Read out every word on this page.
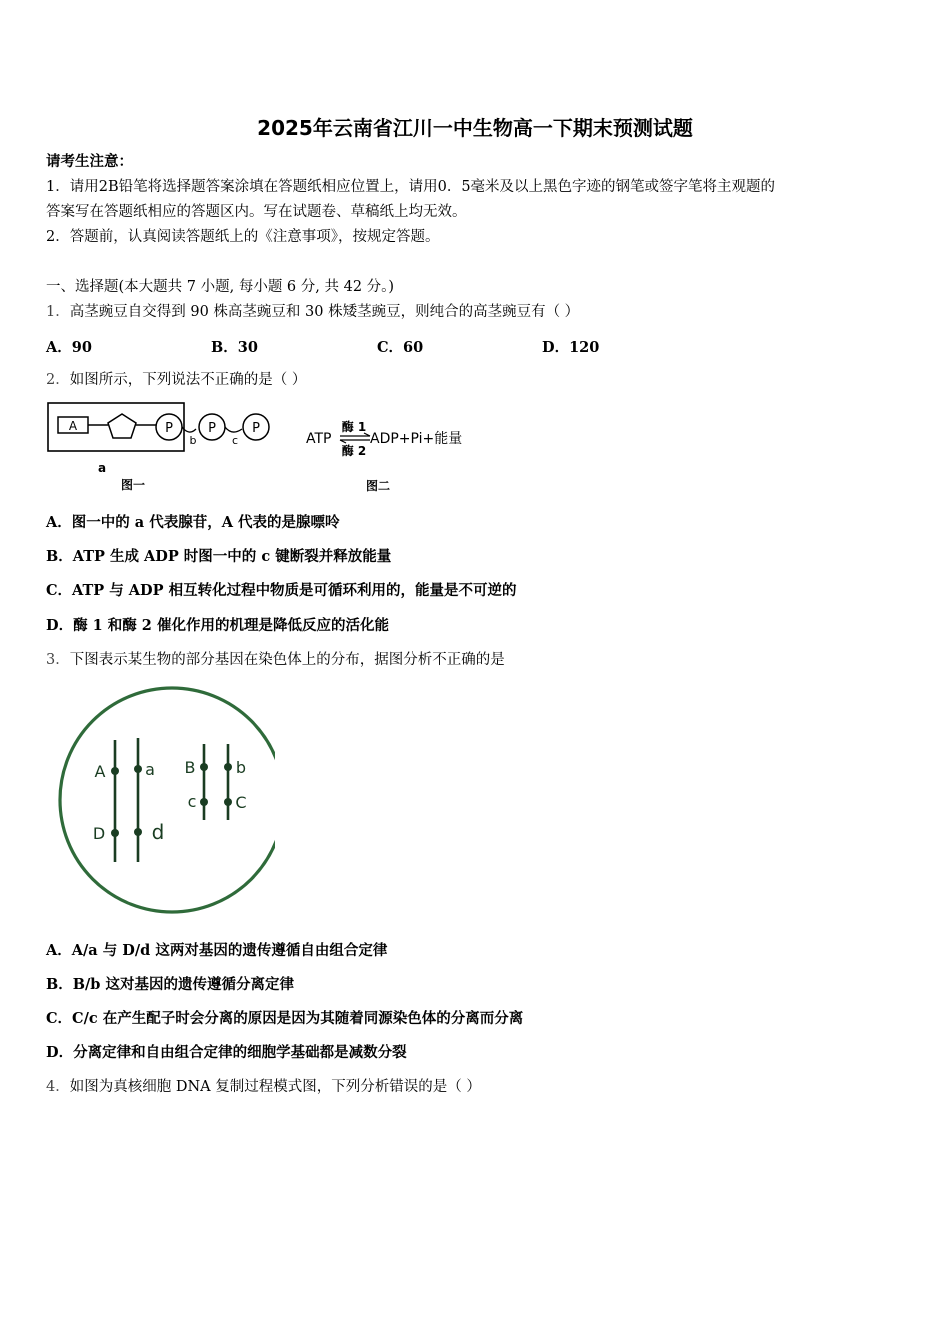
2025年云南省江川一中生物高一下期末预测试题
请考生注意：
1．请用2B铅笔将选择题答案涂填在答题纸相应位置上，请用0．5毫米及以上黑色字迹的钢笔或签字笔将主观题的
答案写在答题纸相应的答题区内。写在试题卷、草稿纸上均无效。
2．答题前，认真阅读答题纸上的《注意事项》，按规定答题。
一、选择题(本大题共 7 小题, 每小题 6 分, 共 42 分。)
1．高茎豌豆自交得到 90 株高茎豌豆和 30 株矮茎豌豆，则纯合的高茎豌豆有（ ）
A．90	B．30	C．60	D．120
2．如图所示，下列说法不正确的是（ ）
A	P
b
P
c
P
a
图一
ATP
酶 1
酶 2
ADP+Pi+能量
图二
A．图一中的 a 代表腺苷，A 代表的是腺嘌呤
B．ATP 生成 ADP 时图一中的 c 键断裂并释放能量
C．ATP 与 ADP 相互转化过程中物质是可循环利用的，能量是不可逆的
D．酶 1 和酶 2 催化作用的机理是降低反应的活化能
3．下图表示某生物的部分基因在染色体上的分布，据图分析不正确的是
A a
D d
B	b
c C
A．A/a 与 D/d 这两对基因的遗传遵循自由组合定律
B．B/b 这对基因的遗传遵循分离定律
C．C/c 在产生配子时会分离的原因是因为其随着同源染色体的分离而分离
D．分离定律和自由组合定律的细胞学基础都是减数分裂
4．如图为真核细胞 DNA 复制过程模式图，下列分析错误的是（ ）
